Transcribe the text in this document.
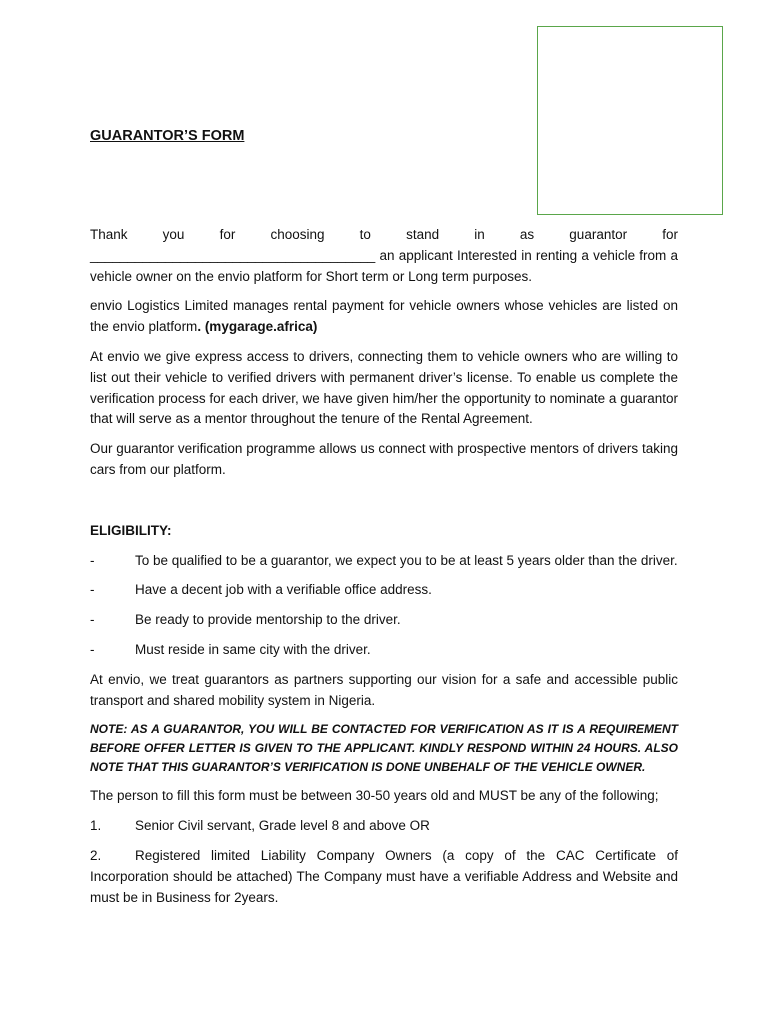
GUARANTOR’S FORM

Thank you for choosing to stand in as guarantor for ______________________________________ an applicant Interested in renting a vehicle from a vehicle owner on the envio platform for Short term or Long term purposes.

envio Logistics Limited manages rental payment for vehicle owners whose vehicles are listed on the envio platform. (mygarage.africa)

At envio we give express access to drivers, connecting them to vehicle owners who are willing to list out their vehicle to verified drivers with permanent driver’s license. To enable us complete the verification process for each driver, we have given him/her the opportunity to nominate a guarantor that will serve as a mentor throughout the tenure of the Rental Agreement.

Our guarantor verification programme allows us connect with prospective mentors of drivers taking cars from our platform.

ELIGIBILITY:

-	To be qualified to be a guarantor, we expect you to be at least 5 years older than the driver.

-	Have a decent job with a verifiable office address.
-	Be ready to provide mentorship to the driver.
-	Must reside in same city with the driver.

At envio, we treat guarantors as partners supporting our vision for a safe and accessible public transport and shared mobility system in Nigeria.

NOTE: AS A GUARANTOR, YOU WILL BE CONTACTED FOR VERIFICATION AS IT IS A REQUIREMENT BEFORE OFFER LETTER IS GIVEN TO THE APPLICANT. KINDLY RESPOND WITHIN 24 HOURS. ALSO NOTE THAT THIS GUARANTOR’S VERIFICATION IS DONE UNBEHALF OF THE VEHICLE OWNER.

The person to fill this form must be between 30-50 years old and MUST be any of the following;

1.	Senior Civil servant, Grade level 8 and above OR

2. Registered limited Liability Company Owners (a copy of the CAC Certificate of Incorporation should be attached) The Company must have a verifiable Address and Website and must be in Business for 2years.
